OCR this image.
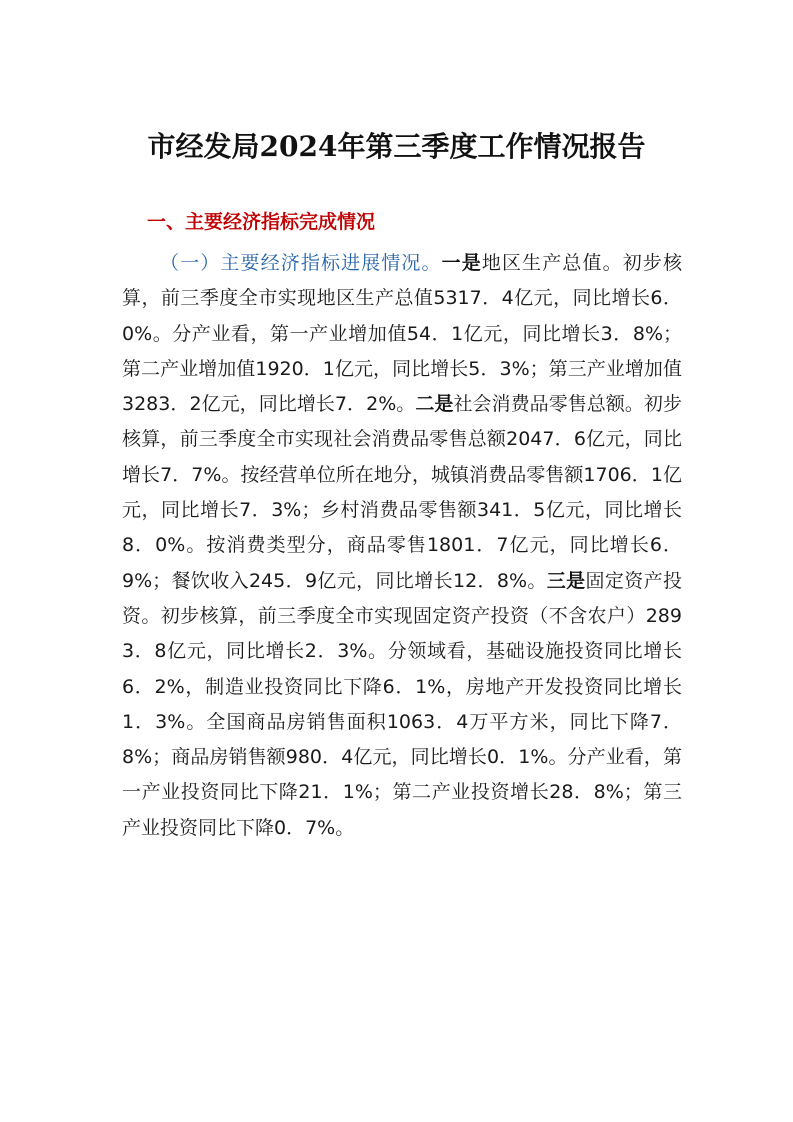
市经发局2024年第三季度工作情况报告
一、主要经济指标完成情况

（一）主要经济指标进展情况。一是地区生产总值。初步核算，前三季度全市实现地区生产总值5317．4亿元，同比增长6．0%。分产业看，第一产业增加值54．1亿元，同比增长3．8%；第二产业增加值1920．1亿元，同比增长5．3%；第三产业增加值3283．2亿元，同比增长7．2%。二是社会消费品零售总额。初步核算，前三季度全市实现社会消费品零售总额2047．6亿元，同比增长7．7%。按经营单位所在地分，城镇消费品零售额1706．1亿元，同比增长7．3%；乡村消费品零售额341．5亿元，同比增长8．0%。按消费类型分，商品零售1801．7亿元，同比增长6．9%；餐饮收入245．9亿元，同比增长12．8%。三是固定资产投资。初步核算，前三季度全市实现固定资产投资（不含农户）2893．8亿元，同比增长2．3%。分领域看，基础设施投资同比增长6．2%，制造业投资同比下降6．1%，房地产开发投资同比增长1．3%。全国商品房销售面积1063．4万平方米，同比下降7．8%；商品房销售额980．4亿元，同比增长0．1%。分产业看，第一产业投资同比下降21．1%；第二产业投资增长28．8%；第三产业投资同比下降0．7%。
